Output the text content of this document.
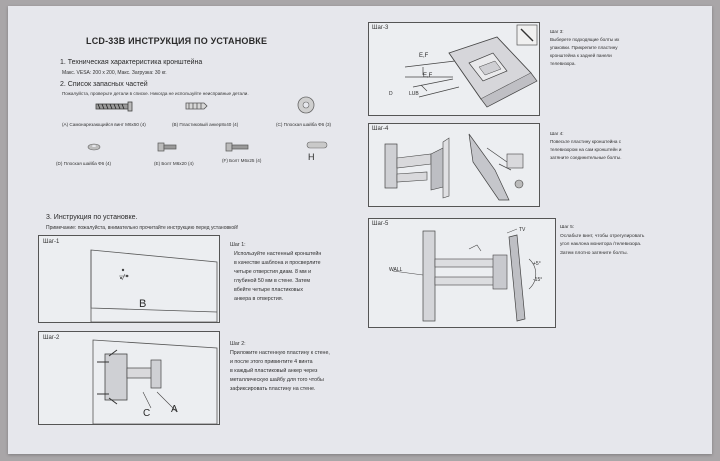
LCD-33B ИНСТРУКЦИЯ ПО УСТАНОВКЕ
1. Техническая характеристика кронштейна
Макс. VESA: 200 x 200, Макс. Загрузка: 30 кг.
2. Список запасных частей
Пожалуйста, проверьте детали в списке. Никогда не используйте неисправные детали.
(A) Самонарезающийся винт M6x50 (4)	(B) Пластиковый анкер8x40 (4)	(C) Плоская шайба Ф6 (3)
(D) Плоская шайба Ф6 (4)	(E) Болт M6x20 (4)
(F) Болт M6x25 (4)	H
3. Инструкция по установке.
Примечание: пожалуйста, внимательно прочитайте инструкцию перед установкой!
Шаг-1
B
Шаг 1:
Используйте настенный кронштейн
в качестве шаблона и просверлите
четыре отверстия диам. 8 мм и
глубиной 50 мм в стене. Затем
вбейте четыре пластиковых
анкера в отверстия.
Шаг-2
C A
Шаг 2:
Приложите настенную пластину к стене,
и после этого привинтите 4 винта
в каждый пластиковый анкер через
металлическую шайбу для того чтобы
зафиксировать пластину на стене.
Шаг-3
E,F
E,F
D	LUB
Шаг 3:
Выберете подходящие болты их
упаковки. Прикрепите пластину
кронштейна к задней панели
телевизора.
Шаг-4
Шаг 4:
Повесьте пластину кронштейна с
телевизором на сам кронштейн и
затяните соединительные болты.
Шаг-5
TV
WALL
+5°
-15°
Шаг 5:
Ослабьте винт, чтобы отрегулировать
угол наклона монитора /телевизора.
Затем плотно затяните болты.
